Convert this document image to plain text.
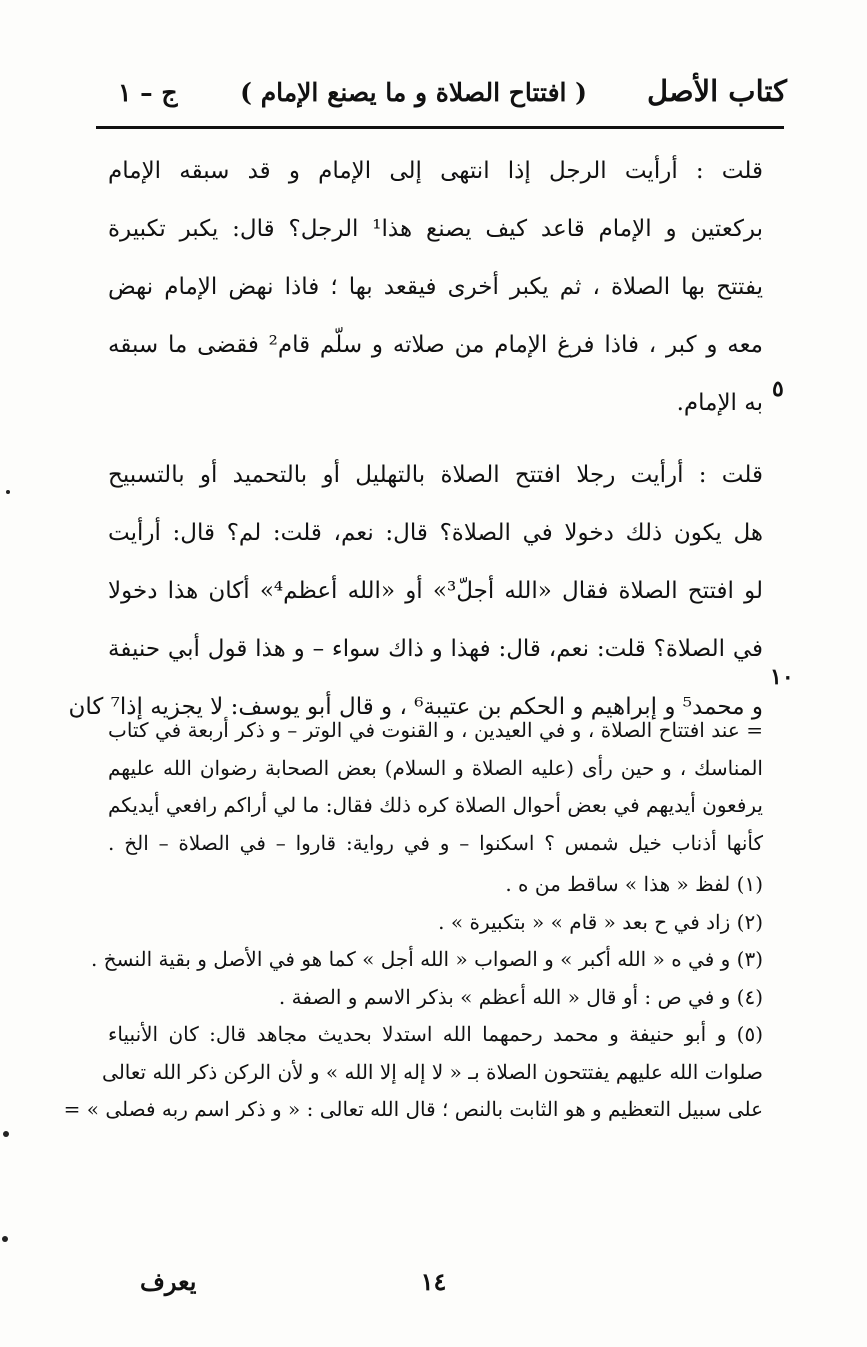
كتاب الأصل
( افتتاح الصلاة و ما يصنع الإمام )
ج – ١
قلت : أرأيت الرجل إذا انتهى إلى الإمام و قد سبقه الإمام
بركعتين و الإمام قاعد كيف يصنع هذا¹ الرجل؟ قال: يكبر تكبيرة
يفتتح بها الصلاة ، ثم يكبر أخرى فيقعد بها ؛ فاذا نهض الإمام نهض
معه و كبر ، فاذا فرغ الإمام من صلاته و سلّم قام² فقضى ما سبقه
به الإمام.
قلت : أرأيت رجلا افتتح الصلاة بالتهليل أو بالتحميد أو بالتسبيح
هل يكون ذلك دخولا في الصلاة؟ قال: نعم، قلت: لم؟ قال: أرأيت
لو افتتح الصلاة فقال «الله أجلّ³» أو «الله أعظم⁴» أكان هذا دخولا
في الصلاة؟ قلت: نعم، قال: فهذا و ذاك سواء – و هذا قول أبي حنيفة
و محمد⁵ و إبراهيم و الحكم بن عتيبة⁶ ، و قال أبو يوسف: لا يجزيه إذا⁷ كان
٥
١٠
= عند افتتاح الصلاة ، و في العيدين ، و القنوت في الوتر – و ذكر أربعة في كتاب
المناسك ، و حين رأى (عليه الصلاة و السلام) بعض الصحابة رضوان الله عليهم
يرفعون أيديهم في بعض أحوال الصلاة كره ذلك فقال: ما لي أراكم رافعي أيديكم
كأنها أذناب خيل شمس ؟ اسكنوا – و في رواية: قاروا – في الصلاة – الخ .
(١) لفظ « هذا » ساقط من ه .
(٢) زاد في ح بعد « قام » « بتكبيرة » .
(٣) و في ه « الله أكبر » و الصواب « الله أجل » كما هو في الأصل و بقية النسخ .
(٤) و في ص : أو قال « الله أعظم » بذكر الاسم و الصفة .
(٥) و أبو حنيفة و محمد رحمهما الله استدلا بحديث مجاهد قال: كان الأنبياء
صلوات الله عليهم يفتتحون الصلاة بـ « لا إله إلا الله » و لأن الركن ذكر الله تعالى
على سبيل التعظيم و هو الثابت بالنص ؛ قال الله تعالى : « و ذكر اسم ربه فصلى » =
١٤
يعرف
